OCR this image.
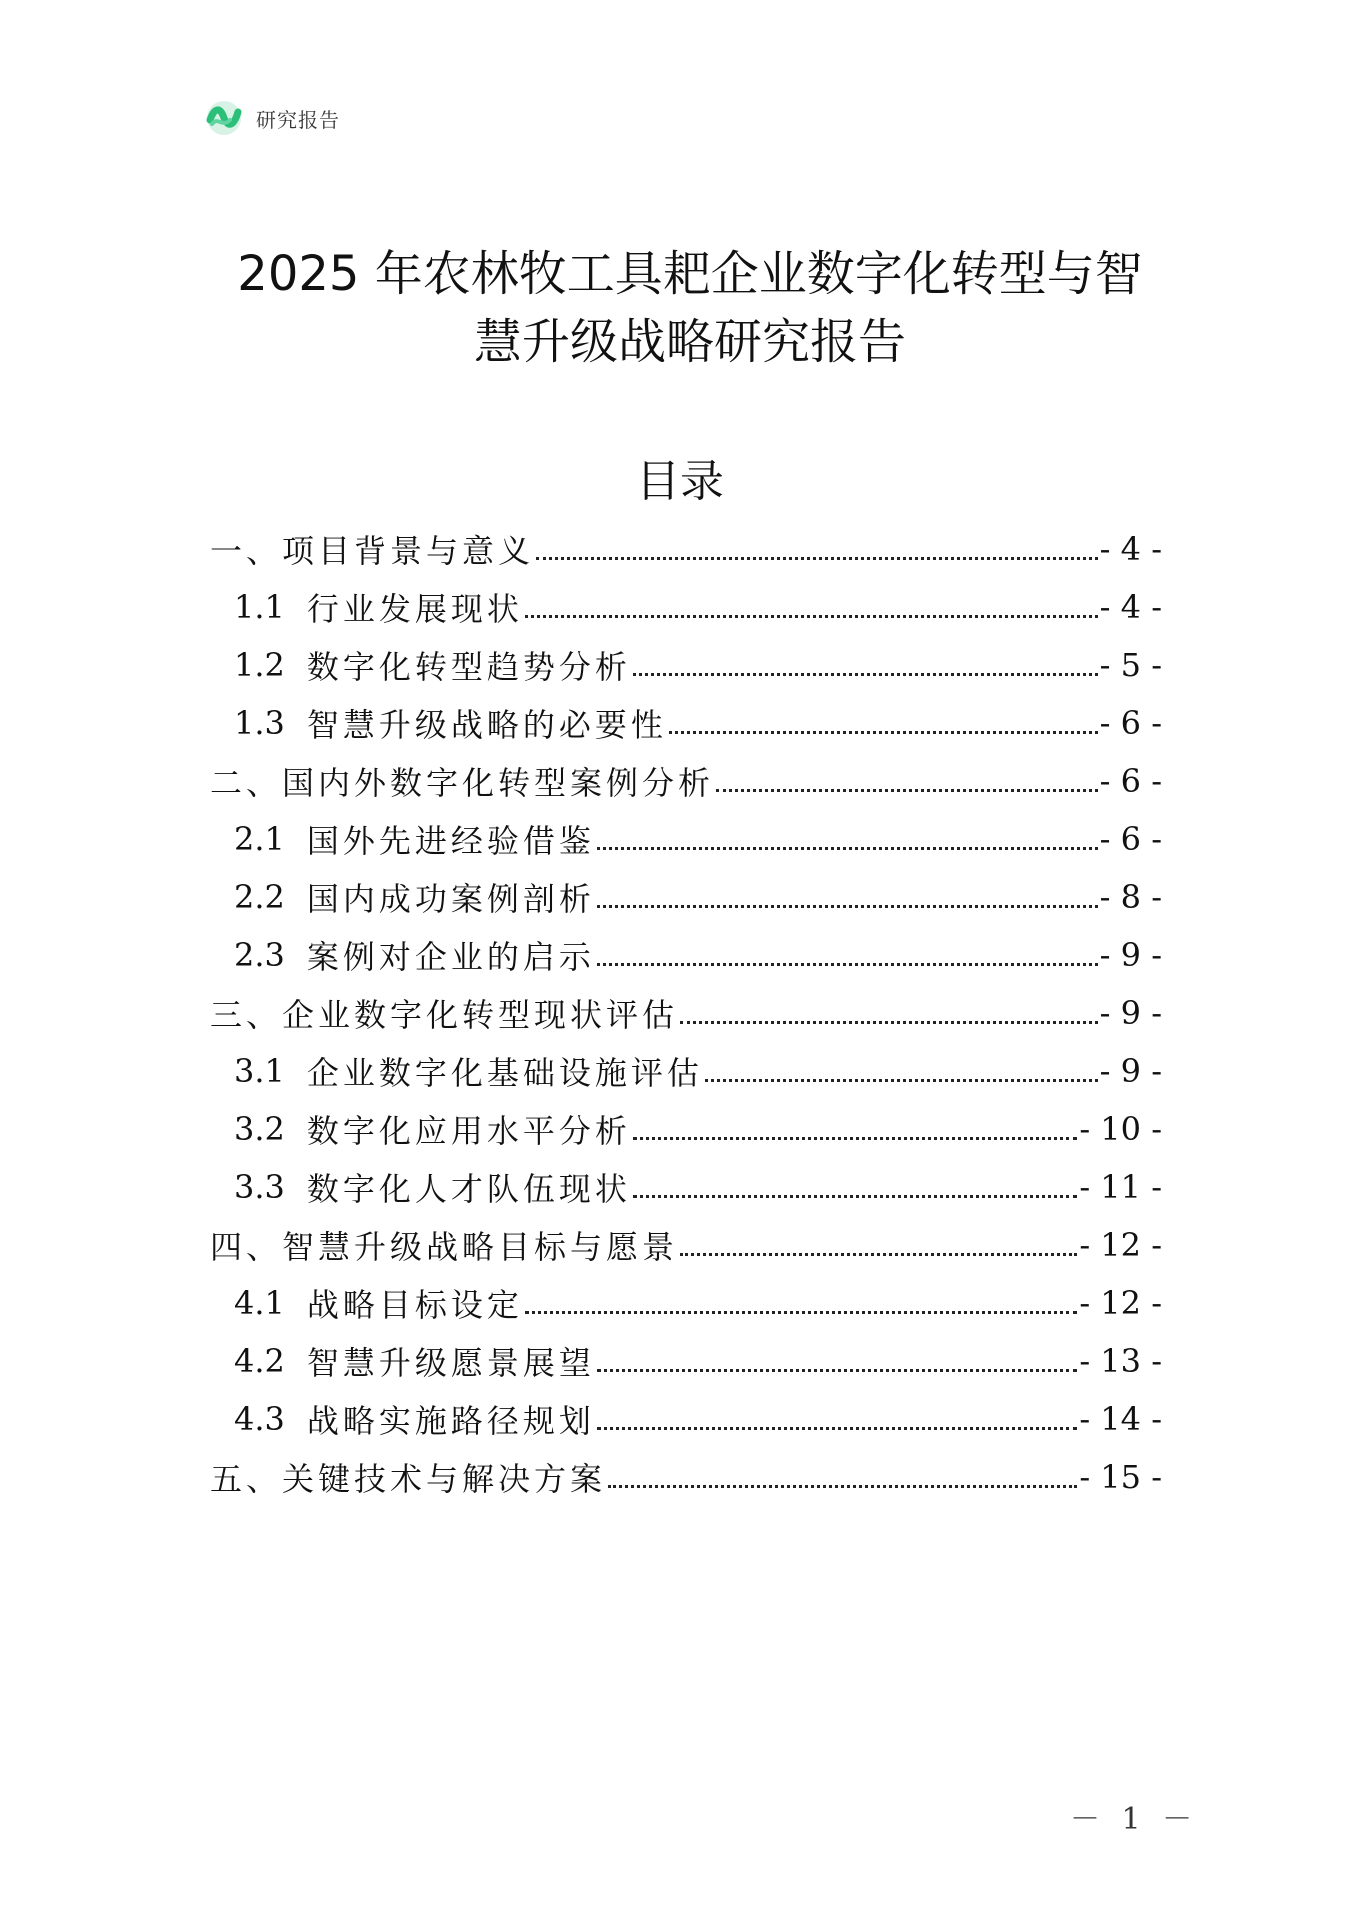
研究报告
2025 年农林牧工具耙企业数字化转型与智
慧升级战略研究报告
目录
一、项目背景与意义	- 4 -
1.1 行业发展现状	- 4 -
1.2 数字化转型趋势分析	- 5 -
1.3 智慧升级战略的必要性	- 6 -
二、国内外数字化转型案例分析	- 6 -
2.1 国外先进经验借鉴	- 6 -
2.2 国内成功案例剖析	- 8 -
2.3 案例对企业的启示	- 9 -
三、企业数字化转型现状评估	- 9 -
3.1 企业数字化基础设施评估	- 9 -
3.2 数字化应用水平分析	- 10 -
3.3 数字化人才队伍现状	- 11 -
四、智慧升级战略目标与愿景	- 12 -
4.1 战略目标设定	- 12 -
4.2 智慧升级愿景展望	- 13 -
4.3 战略实施路径规划	- 14 -
五、关键技术与解决方案	- 15 -
－ 1 －
